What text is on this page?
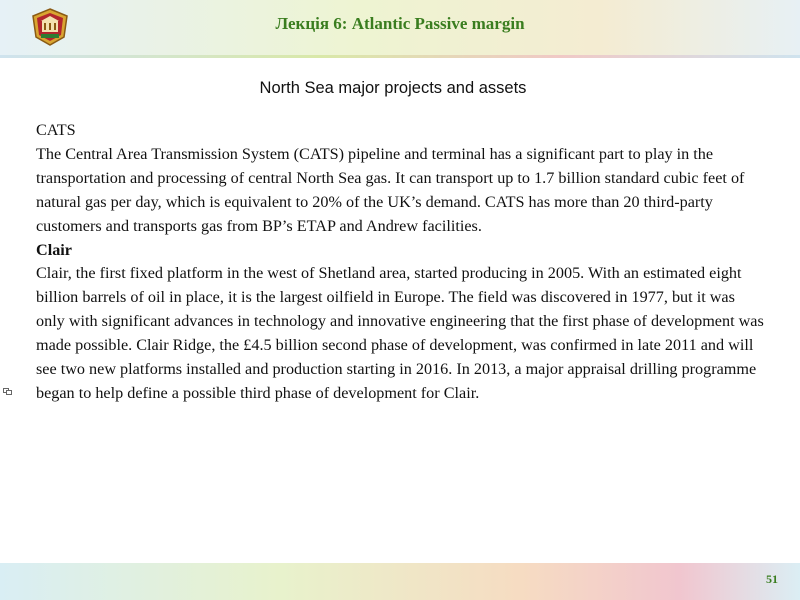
Лекція 6: Atlantic Passive margin
North Sea major projects and assets

CATS

The Central Area Transmission System (CATS) pipeline and terminal has a significant part to play in the transportation and processing of central North Sea gas. It can transport up to 1.7 billion standard cubic feet of natural gas per day, which is equivalent to 20% of the UK’s demand. CATS has more than 20 third-party customers and transports gas from BP’s ETAP and Andrew facilities.

Clair

Clair, the first fixed platform in the west of Shetland area, started producing in 2005. With an estimated eight billion barrels of oil in place, it is the largest oilfield in Europe. The field was discovered in 1977, but it was only with significant advances in technology and innovative engineering that the first phase of development was made possible. Clair Ridge, the £4.5 billion second phase of development, was confirmed in late 2011 and will see two new platforms installed and production starting in 2016. In 2013, a major appraisal drilling programme began to help define a possible third phase of development for Clair.

51
